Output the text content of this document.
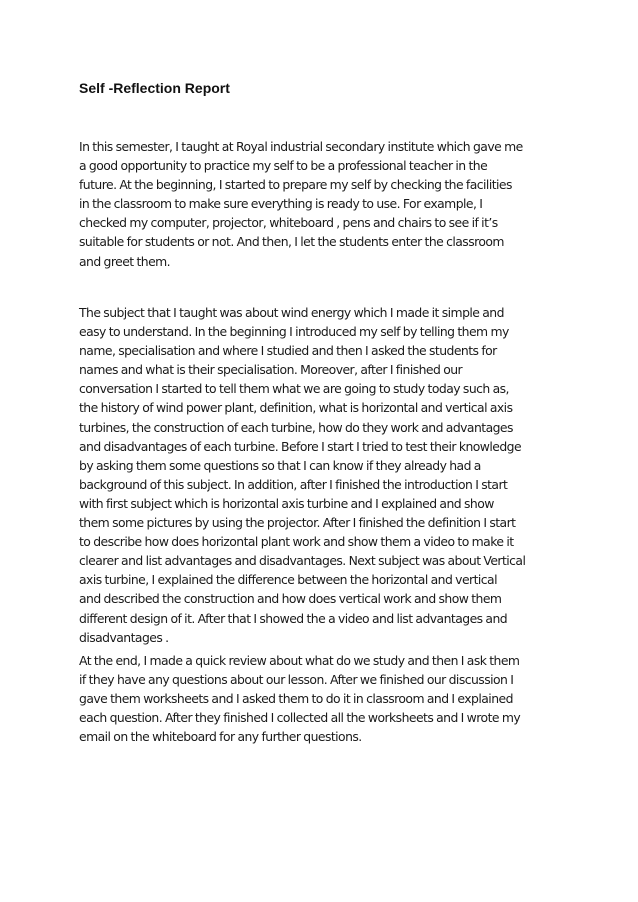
Self -Reflection Report

In this semester, I taught at Royal industrial secondary institute which gave me
a good opportunity to practice my self to be a professional teacher in the
future. At the beginning, I started to prepare my self by checking the facilities
in the classroom to make sure everything is ready to use. For example, I
checked my computer, projector, whiteboard , pens and chairs to see if it’s
suitable for students or not. And then, I let the students enter the classroom
and greet them.

The subject that I taught was about wind energy which I made it simple and
easy to understand. In the beginning I introduced my self by telling them my
name, specialisation and where I studied and then I asked the students for
names and what is their specialisation. Moreover, after I finished our
conversation I started to tell them what we are going to study today such as,
the history of wind power plant, definition, what is horizontal and vertical axis
turbines, the construction of each turbine, how do they work and advantages
and disadvantages of each turbine. Before I start I tried to test their knowledge
by asking them some questions so that I can know if they already had a
background of this subject. In addition, after I finished the introduction I start
with first subject which is horizontal axis turbine and I explained and show
them some pictures by using the projector. After I finished the definition I start
to describe how does horizontal plant work and show them a video to make it
clearer and list advantages and disadvantages. Next subject was about Vertical
axis turbine, I explained the difference between the horizontal and vertical
and described the construction and how does vertical work and show them
different design of it. After that I showed the a video and list advantages and
disadvantages .

At the end, I made a quick review about what do we study and then I ask them
if they have any questions about our lesson. After we finished our discussion I
gave them worksheets and I asked them to do it in classroom and I explained
each question. After they finished I collected all the worksheets and I wrote my
email on the whiteboard for any further questions.
